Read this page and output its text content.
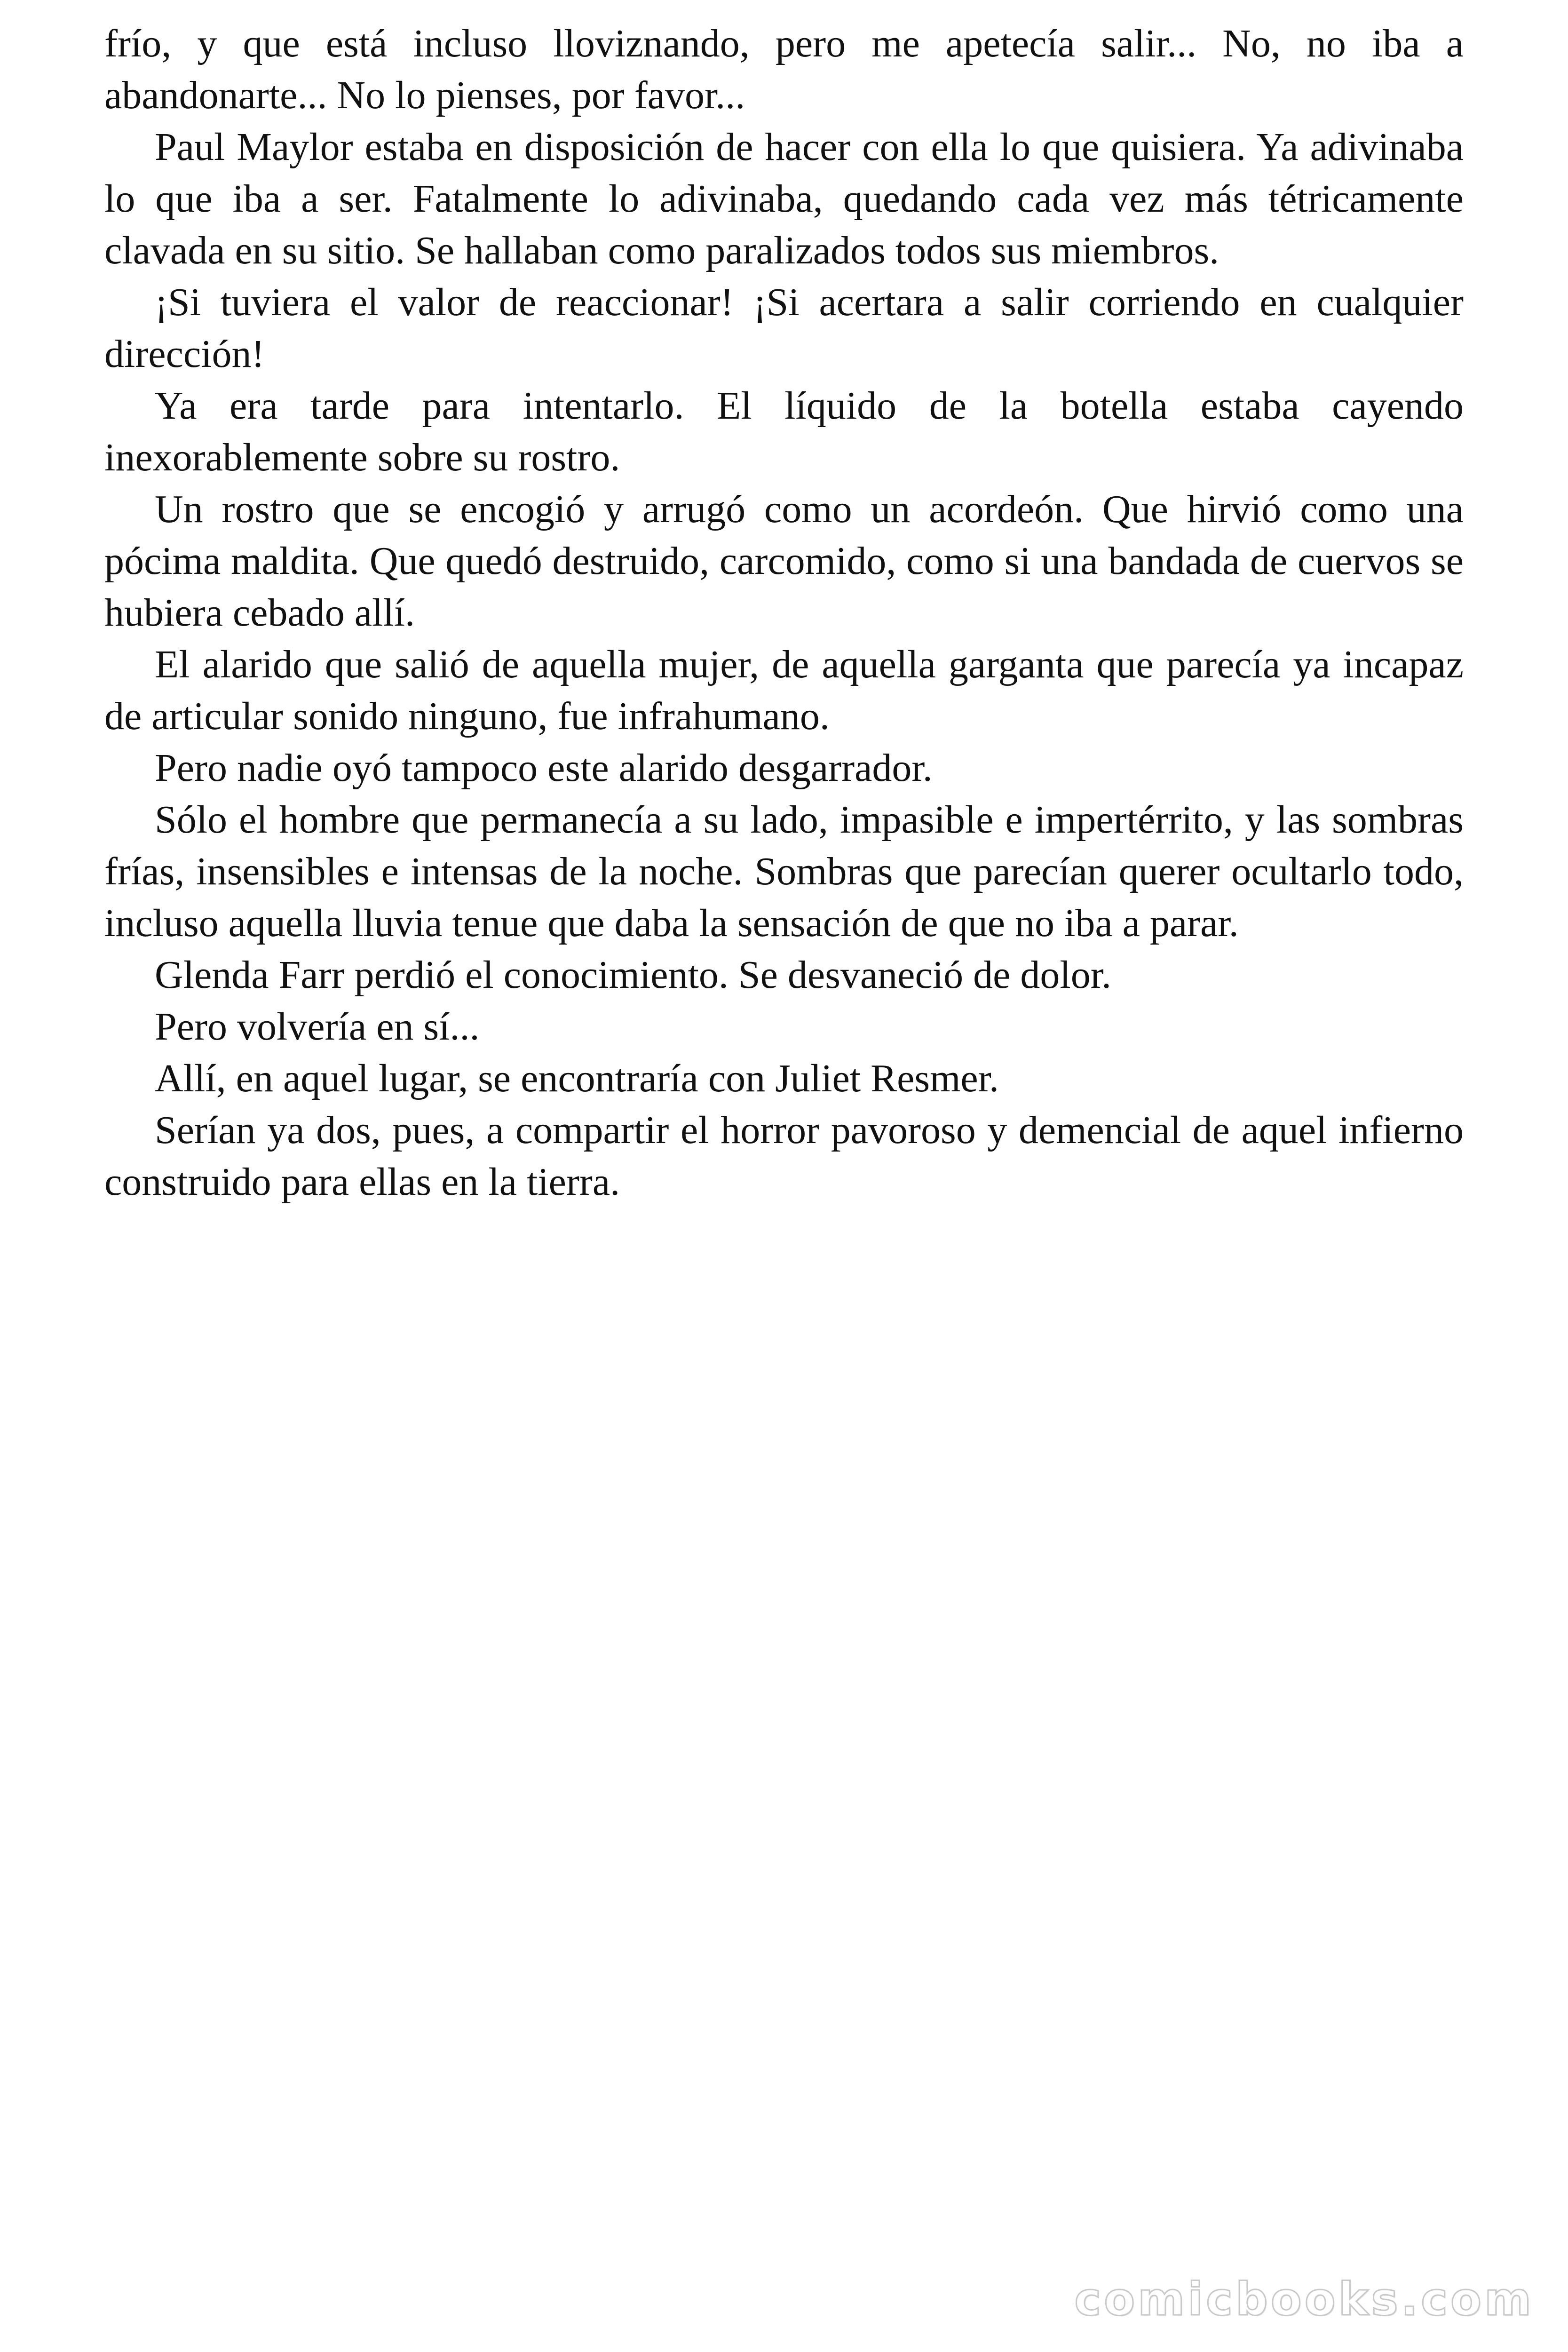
frío, y que está incluso lloviznando, pero me apetecía salir... No, no iba a abandonarte... No lo pienses, por favor...

Paul Maylor estaba en disposición de hacer con ella lo que quisiera. Ya adivinaba lo que iba a ser. Fatalmente lo adivinaba, quedando cada vez más tétricamente clavada en su sitio. Se hallaban como paralizados todos sus miembros.

¡Si tuviera el valor de reaccionar! ¡Si acertara a salir corriendo en cualquier dirección!

Ya era tarde para intentarlo. El líquido de la botella estaba cayendo inexorablemente sobre su rostro.

Un rostro que se encogió y arrugó como un acordeón. Que hirvió como una pócima maldita. Que quedó destruido, carcomido, como si una bandada de cuervos se hubiera cebado allí.

El alarido que salió de aquella mujer, de aquella garganta que parecía ya incapaz de articular sonido ninguno, fue infrahumano.

Pero nadie oyó tampoco este alarido desgarrador.

Sólo el hombre que permanecía a su lado, impasible e impertérrito, y las sombras frías, insensibles e intensas de la noche. Sombras que parecían querer ocultarlo todo, incluso aquella lluvia tenue que daba la sensación de que no iba a parar.

Glenda Farr perdió el conocimiento. Se desvaneció de dolor.

Pero volvería en sí...

Allí, en aquel lugar, se encontraría con Juliet Resmer.

Serían ya dos, pues, a compartir el horror pavoroso y demencial de aquel infierno construido para ellas en la tierra.

comicbooks.com
